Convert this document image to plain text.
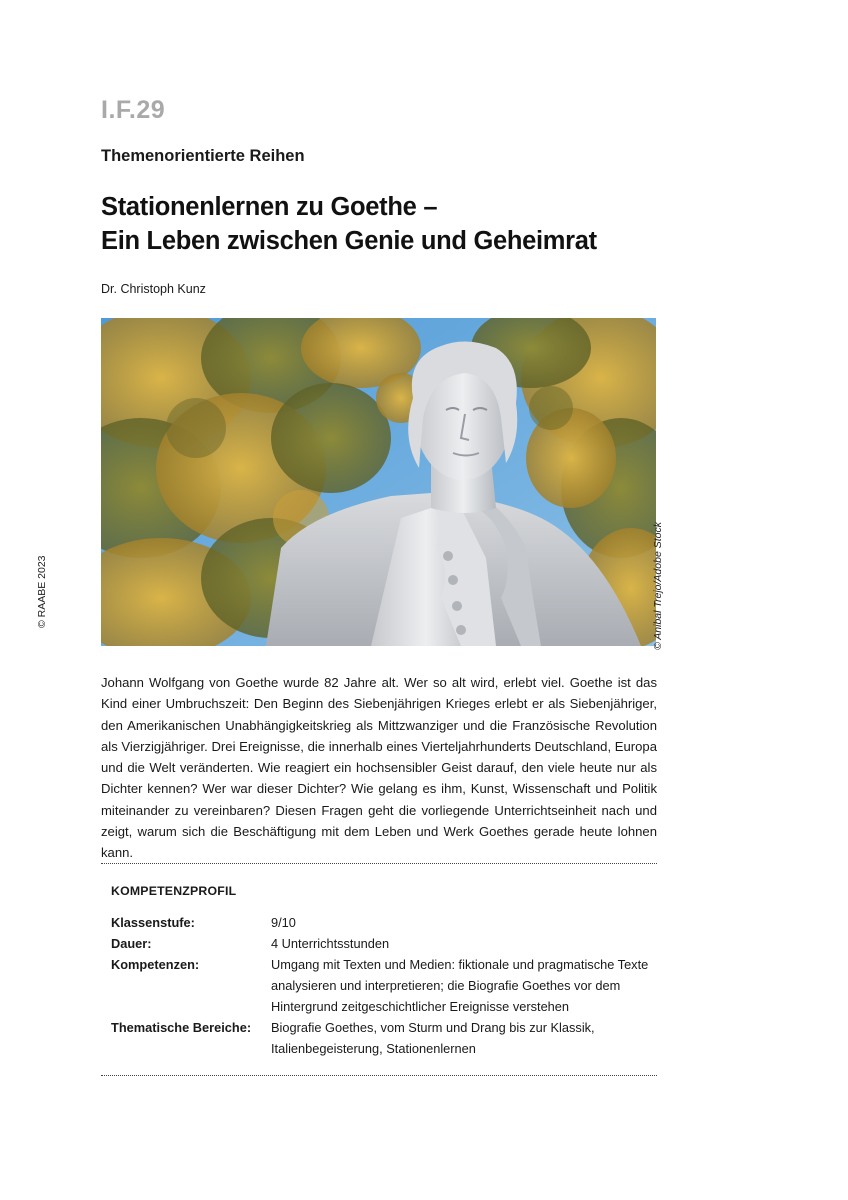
I.F.29
Themenorientierte Reihen
Stationenlernen zu Goethe –
Ein Leben zwischen Genie und Geheimrat
Dr. Christoph Kunz
© Anibal Trejo/Adobe Stock
© RAABE 2023
Johann Wolfgang von Goethe wurde 82 Jahre alt. Wer so alt wird, erlebt viel. Goethe ist das Kind einer Umbruchszeit: Den Beginn des Siebenjährigen Krieges erlebt er als Siebenjähriger, den Amerikanischen Unabhängigkeitskrieg als Mittzwanziger und die Französische Revolution als Vierzigjähriger. Drei Ereignisse, die innerhalb eines Vierteljahrhunderts Deutschland, Europa und die Welt veränderten. Wie reagiert ein hochsensibler Geist darauf, den viele heute nur als Dichter kennen? Wer war dieser Dichter? Wie gelang es ihm, Kunst, Wissenschaft und Politik miteinander zu vereinbaren? Diesen Fragen geht die vorliegende Unterrichtseinheit nach und zeigt, warum sich die Beschäftigung mit dem Leben und Werk Goethes gerade heute lohnen kann.
KOMPETENZPROFIL
Klassenstufe:	9/10
Dauer:	4 Unterrichtsstunden
Kompetenzen:	Umgang mit Texten und Medien: fiktionale und pragmatische Texte analysieren und interpretieren; die Biografie Goethes vor dem Hintergrund zeitgeschichtlicher Ereignisse verstehen
Thematische Bereiche:	Biografie Goethes, vom Sturm und Drang bis zur Klassik, Italienbegeisterung, Stationenlernen
